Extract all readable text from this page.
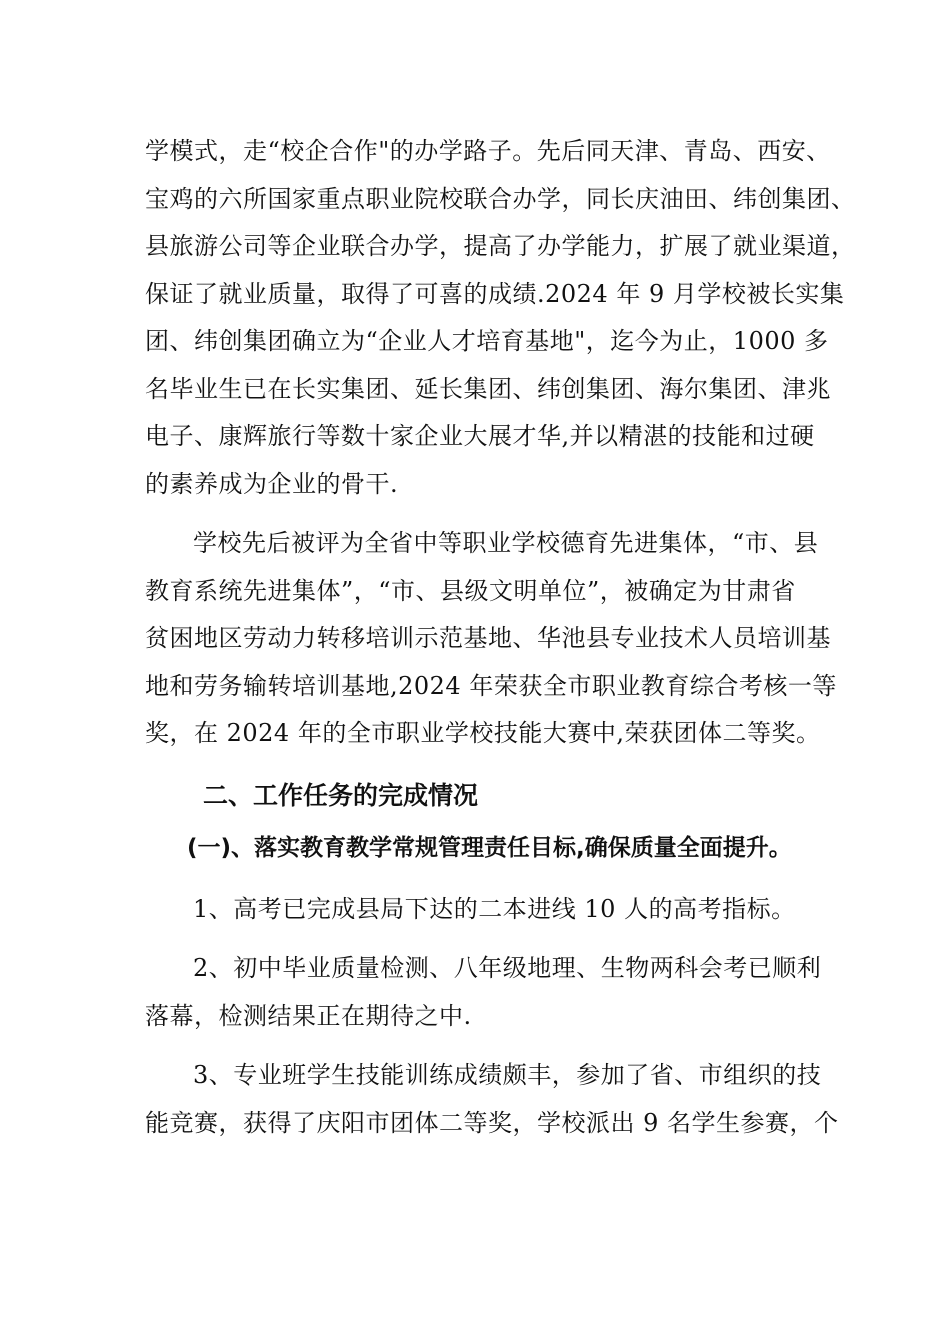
学模式，走“校企合作"的办学路子。先后同天津、青岛、西安、
宝鸡的六所国家重点职业院校联合办学，同长庆油田、纬创集团、
县旅游公司等企业联合办学，提高了办学能力，扩展了就业渠道，
保证了就业质量，取得了可喜的成绩.2024 年 9 月学校被长实集
团、纬创集团确立为“企业人才培育基地"，迄今为止，1000 多
名毕业生已在长实集团、延长集团、纬创集团、海尔集团、津兆
电子、康辉旅行等数十家企业大展才华,并以精湛的技能和过硬
的素养成为企业的骨干.
学校先后被评为全省中等职业学校德育先进集体，“市、县
教育系统先进集体”，“市、县级文明单位”，被确定为甘肃省
贫困地区劳动力转移培训示范基地、华池县专业技术人员培训基
地和劳务输转培训基地,2024 年荣获全市职业教育综合考核一等
奖，在 2024 年的全市职业学校技能大赛中,荣获团体二等奖。
二、工作任务的完成情况
(一)、落实教育教学常规管理责任目标,确保质量全面提升。
1、高考已完成县局下达的二本进线 10 人的高考指标。
2、初中毕业质量检测、八年级地理、生物两科会考已顺利
落幕，检测结果正在期待之中.
3、专业班学生技能训练成绩颇丰，参加了省、市组织的技
能竞赛，获得了庆阳市团体二等奖，学校派出 9 名学生参赛，个
